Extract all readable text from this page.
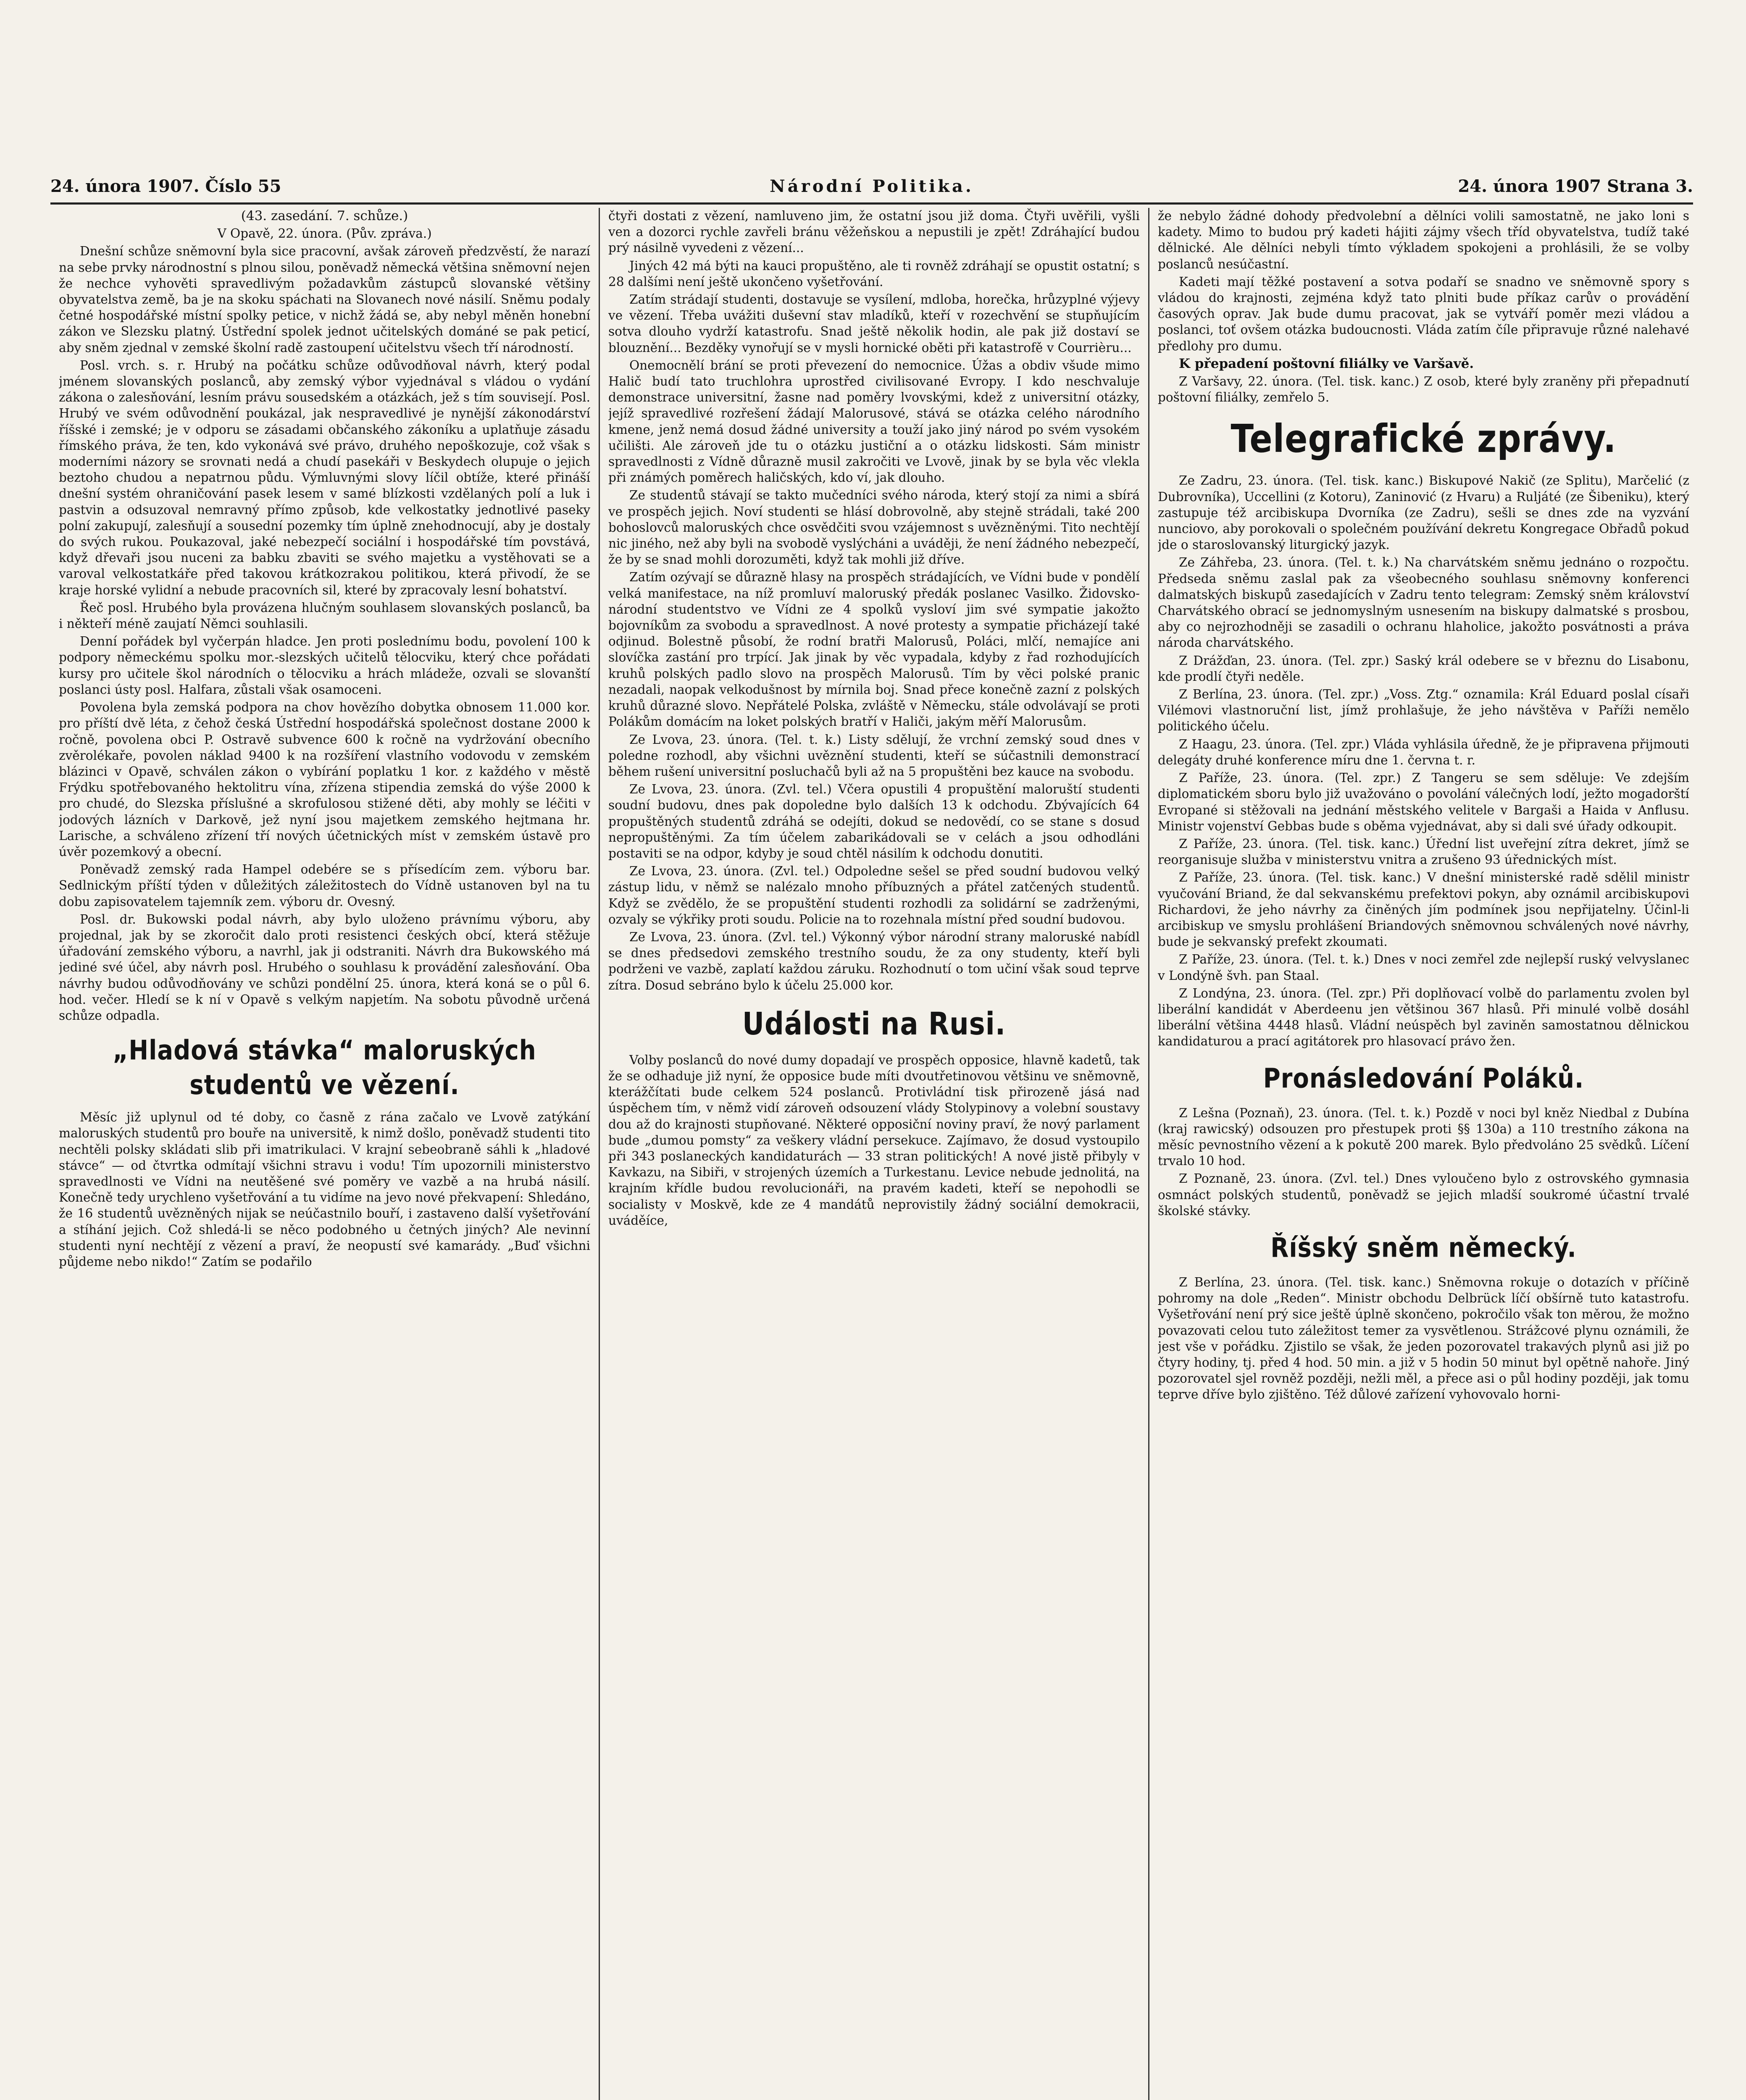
24. února 1907. Číslo 55	Národní Politika.	24. února 1907 Strana 3.

(43. zasedání. 7. schůze.)

V Opavě, 22. února. (Pův. zpráva.)

Dnešní schůze sněmovní byla sice pracovní, avšak zároveň předzvěstí, že narazí na sebe prvky národnostní s plnou silou, poněvadž německá většina sněmovní nejen že nechce vyhověti spravedlivým požadavkům zástupců slovanské většiny obyvatelstva země, ba je na skoku spáchati na Slovanech nové násilí. Sněmu podaly četné hospodářské místní spolky petice, v nichž žádá se, aby nebyl měněn honební zákon ve Slezsku platný. Ústřední spolek jednot učitelských dománé se pak peticí, aby sněm zjednal v zemské školní radě zastoupení učitelstvu všech tří národností.

Posl. vrch. s. r. Hrubý na počátku schůze odůvodňoval návrh, který podal jménem slovanských poslanců, aby zemský výbor vyjednával s vládou o vydání zákona o zalesňování, lesním právu sousedském a otázkách, jež s tím souvisejí. Posl. Hrubý ve svém odůvodnění poukázal, jak nespravedlivé je nynější zákonodárství říšské i zemské; je v odporu se zásadami občanského zákoníku a uplatňuje zásadu římského práva, že ten, kdo vykonává své právo, druhého nepoškozuje, což však s moderními názory se srovnati nedá a chudí pasekáři v Beskydech olupuje o jejich beztoho chudou a nepatrnou půdu. Výmluvnými slovy líčil obtíže, které přináší dnešní systém ohraničování pasek lesem v samé blízkosti vzdělaných polí a luk i pastvin a odsuzoval nemravný přímo způsob, kde velkostatky jednotlivé paseky polní zakupují, zalesňují a sousední pozemky tím úplně znehodnocují, aby je dostaly do svých rukou. Poukazoval, jaké nebezpečí sociální i hospodářské tím povstává, když dřevaři jsou nuceni za babku zbaviti se svého majetku a vystěhovati se a varoval velkostatkáře před takovou krátkozrakou politikou, která přivodí, že se kraje horské vylidní a nebude pracovních sil, které by zpracovaly lesní bohatství.

Řeč posl. Hrubého byla provázena hlučným souhlasem slovanských poslanců, ba i někteří méně zaujatí Němci souhlasili.

Denní pořádek byl vyčerpán hladce. Jen proti poslednímu bodu, povolení 100 k podpory německému spolku mor.-slezských učitelů tělocviku, který chce pořádati kursy pro učitele škol národních o tělocviku a hrách mládeže, ozvali se slovanští poslanci ústy posl. Halfara, zůstali však osamoceni.

Povolena byla zemská podpora na chov hovězího dobytka obnosem 11.000 kor. pro příští dvě léta, z čehož česká Ústřední hospodářská společnost dostane 2000 k ročně, povolena obci P. Ostravě subvence 600 k ročně na vydržování obecního zvěrolékaře, povolen náklad 9400 k na rozšíření vlastního vodovodu v zemském blázinci v Opavě, schválen zákon o vybírání poplatku 1 kor. z každého v městě Frýdku spotřebovaného hektolitru vína, zřízena stipendia zemská do výše 2000 k pro chudé, do Slezska příslušné a skrofulosou stižené děti, aby mohly se léčiti v jodových lázních v Darkově, jež nyní jsou majetkem zemského hejtmana hr. Larische, a schváleno zřízení tří nových účetnických míst v zemském ústavě pro úvěr pozemkový a obecní.

Poněvadž zemský rada Hampel odebére se s přísedícím zem. výboru bar. Sedlnickým příští týden v důležitých záležitostech do Vídně ustanoven byl na tu dobu zapisovatelem tajemník zem. výboru dr. Ovesný.

Posl. dr. Bukowski podal návrh, aby bylo uloženo právnímu výboru, aby projednal, jak by se zkoročit dalo proti resistenci českých obcí, která stěžuje úřadování zemského výboru, a navrhl, jak ji odstraniti. Návrh dra Bukowského má jediné své účel, aby návrh posl. Hrubého o souhlasu k provádění zalesňování. Oba návrhy budou odůvodňovány ve schůzi pondělní 25. února, která koná se o půl 6. hod. večer. Hledí se k ní v Opavě s velkým napjetím. Na sobotu původně určená schůze odpadla.

„Hladová stávka“ maloruských studentů ve vězení.

Měsíc již uplynul od té doby, co časně z rána začalo ve Lvově zatýkání maloruských studentů pro bouře na universitě, k nimž došlo, poněvadž studenti tito nechtěli polsky skládati slib při imatrikulaci. V krajní sebeobraně sáhli k „hladové stávce“ — od čtvrtka odmítají všichni stravu i vodu! Tím upozornili ministerstvo spravedlnosti ve Vídni na neutěšené své poměry ve vazbě a na hrubá násilí. Konečně tedy urychleno vyšetřování a tu vidíme na jevo nové překvapení: Shledáno, že 16 studentů uvězněných nijak se neúčastnilo bouří, i zastaveno další vyšetřování a stíhání jejich. Což shledá-li se něco podobného u četných jiných? Ale nevinní studenti nyní nechtějí z vězení a praví, že neopustí své kamarády. „Buď všichni půjdeme nebo nikdo!“ Zatím se podařilo

čtyři dostati z vězení, namluveno jim, že ostatní jsou již doma. Čtyři uvěřili, vyšli ven a dozorci rychle zavřeli bránu věžeňskou a nepustili je zpět! Zdráhající budou prý násilně vyvedeni z vězení...

Jiných 42 má býti na kauci propuštěno, ale ti rovněž zdráhají se opustit ostatní; s 28 dalšími není ještě ukončeno vyšetřování.

Zatím strádají studenti, dostavuje se vysílení, mdloba, horečka, hrůzyplné výjevy ve vězení. Třeba uvážiti duševní stav mladíků, kteří v rozechvění se stupňujícím sotva dlouho vydrží katastrofu. Snad ještě několik hodin, ale pak již dostaví se blouznění... Bezděky vynořují se v mysli hornické oběti při katastrofě v Courrièru...

Onemocnělí brání se proti převezení do nemocnice. Úžas a obdiv všude mimo Halič budí tato truchlohra uprostřed civilisované Evropy. I kdo neschvaluje demonstrace universitní, žasne nad poměry lvovskými, kdež z universitní otázky, jejíž spravedlivé rozřešení žádají Malorusové, stává se otázka celého národního kmene, jenž nemá dosud žádné university a touží jako jiný národ po svém vysokém učilišti. Ale zároveň jde tu o otázku justiční a o otázku lidskosti. Sám ministr spravedlnosti z Vídně důrazně musil zakročiti ve Lvově, jinak by se byla věc vlekla při známých poměrech haličských, kdo ví, jak dlouho.

Ze studentů stávají se takto mučedníci svého národa, který stojí za nimi a sbírá ve prospěch jejich. Noví studenti se hlásí dobrovolně, aby stejně strádali, také 200 bohoslovců maloruských chce osvědčiti svou vzájemnost s uvězněnými. Tito nechtějí nic jiného, než aby byli na svobodě vyslýcháni a uváději, že není žádného nebezpečí, že by se snad mohli dorozuměti, když tak mohli již dříve.

Zatím ozývají se důrazně hlasy na prospěch strádajících, ve Vídni bude v pondělí velká manifestace, na níž promluví maloruský předák poslanec Vasilko. Židovsko-národní studentstvo ve Vídni ze 4 spolků vysloví jim své sympatie jakožto bojovníkům za svobodu a spravedlnost. A nové protesty a sympatie přicházejí také odjinud. Bolestně působí, že rodní bratři Malorusů, Poláci, mlčí, nemajíce ani slovíčka zastání pro trpící. Jak jinak by věc vypadala, kdyby z řad rozhodujících kruhů polských padlo slovo na prospěch Malorusů. Tím by věci polské pranic nezadali, naopak velkodušnost by mírnila boj. Snad přece konečně zazní z polských kruhů důrazné slovo. Nepřátelé Polska, zvláště v Německu, stále odvolávají se proti Polákům domácím na loket polských bratří v Haliči, jakým měří Malorusům.

Ze Lvova, 23. února. (Tel. t. k.) Listy sdělují, že vrchní zemský soud dnes v poledne rozhodl, aby všichni uvěznění studenti, kteří se súčastnili demonstrací během rušení universitní posluchačů byli až na 5 propuštěni bez kauce na svobodu.

Ze Lvova, 23. února. (Zvl. tel.) Včera opustili 4 propuštění maloruští studenti soudní budovu, dnes pak dopoledne bylo dalších 13 k odchodu. Zbývajících 64 propuštěných studentů zdráhá se odejíti, dokud se nedovědí, co se stane s dosud nepropuštěnými. Za tím účelem zabarikádovali se v celách a jsou odhodláni postaviti se na odpor, kdyby je soud chtěl násilím k odchodu donutiti.

Ze Lvova, 23. února. (Zvl. tel.) Odpoledne sešel se před soudní budovou velký zástup lidu, v němž se nalézalo mnoho příbuzných a přátel zatčených studentů. Když se zvědělo, že se propuštění studenti rozhodli za solidární se zadrženými, ozvaly se výkřiky proti soudu. Policie na to rozehnala místní před soudní budovou.

Ze Lvova, 23. února. (Zvl. tel.) Výkonný výbor národní strany maloruské nabídl se dnes předsedovi zemského trestního soudu, že za ony studenty, kteří byli podrženi ve vazbě, zaplatí každou záruku. Rozhodnutí o tom učiní však soud teprve zítra. Dosud sebráno bylo k účelu 25.000 kor.

Události na Rusi.

Volby poslanců do nové dumy dopadají ve prospěch opposice, hlavně kadetů, tak že se odhaduje již nyní, že opposice bude míti dvoutřetinovou většinu ve sněmovně, kterážčítati bude celkem 524 poslanců. Protivládní tisk přirozeně jásá nad úspěchem tím, v němž vidí zároveň odsouzení vlády Stolypinovy a volební soustavy dou až do krajnosti stupňované. Některé opposiční noviny praví, že nový parlament bude „dumou pomsty“ za veškery vládní persekuce. Zajímavo, že dosud vystoupilo při 343 poslaneckých kandidaturách — 33 stran politických! A nové jistě přibyly v Kavkazu, na Sibiři, v strojených územích a Turkestanu. Levice nebude jednolitá, na krajním křídle budou revolucionáři, na pravém kadeti, kteří se nepohodli se socialisty v Moskvě, kde ze 4 mandátů neprovistily žádný sociální demokracii, uváděíce,

že nebylo žádné dohody předvolební a dělníci volili samostatně, ne jako loni s kadety. Mimo to budou prý kadeti hájiti zájmy všech tříd obyvatelstva, tudíž také dělnické. Ale dělníci nebyli tímto výkladem spokojeni a prohlásili, že se volby poslanců nesúčastní.

Kadeti mají těžké postavení a sotva podaří se snadno ve sněmovně spory s vládou do krajnosti, zejména když tato plniti bude příkaz carův o provádění časových oprav. Jak bude dumu pracovat, jak se vytváří poměr mezi vládou a poslanci, toť ovšem otázka budoucnosti. Vláda zatím číle připravuje různé nalehavé předlohy pro dumu.

K přepadení poštovní filiálky ve Varšavě.

Z Varšavy, 22. února. (Tel. tisk. kanc.) Z osob, které byly zraněny při přepadnutí poštovní filiálky, zemřelo 5.

Telegrafické zprávy.

Ze Zadru, 23. února. (Tel. tisk. kanc.) Biskupové Nakič (ze Splitu), Marčelić (z Dubrovníka), Uccellini (z Kotoru), Zaninović (z Hvaru) a Ruljáté (ze Šibeniku), který zastupuje též arcibiskupa Dvorníka (ze Zadru), sešli se dnes zde na vyzvání nunciovo, aby porokovali o společném používání dekretu Kongregace Obřadů pokud jde o staroslovanský liturgický jazyk.

Ze Záhřeba, 23. února. (Tel. t. k.) Na charvátském sněmu jednáno o rozpočtu. Předseda sněmu zaslal pak za všeobecného souhlasu sněmovny konferenci dalmatských biskupů zasedajících v Zadru tento telegram: Zemský sněm království Charvátského obrací se jednomyslným usnesením na biskupy dalmatské s prosbou, aby co nejrozhodněji se zasadili o ochranu hlaholice, jakožto posvátnosti a práva národa charvátského.

Z Drážďan, 23. února. (Tel. zpr.) Saský král odebere se v březnu do Lisabonu, kde prodlí čtyři neděle.

Z Berlína, 23. února. (Tel. zpr.) „Voss. Ztg.“ oznamila: Král Eduard poslal císaři Vilémovi vlastnoruční list, jímž prohlašuje, že jeho návštěva v Paříži nemělo politického účelu.

Z Haagu, 23. února. (Tel. zpr.) Vláda vyhlásila úředně, že je připravena přijmouti delegáty druhé konference míru dne 1. června t. r.

Z Paříže, 23. února. (Tel. zpr.) Z Tangeru se sem sděluje: Ve zdejším diplomatickém sboru bylo již uvažováno o povolání válečných lodí, ježto mogadorští Evropané si stěžovali na jednání městského velitele v Bargaši a Haida v Anflusu. Ministr vojenství Gebbas bude s oběma vyjednávat, aby si dali své úřady odkoupit.

Z Paříže, 23. února. (Tel. tisk. kanc.) Úřední list uveřejní zítra dekret, jímž se reorganisuje služba v ministerstvu vnitra a zrušeno 93 úřednických míst.

Z Paříže, 23. února. (Tel. tisk. kanc.) V dnešní ministerské radě sdělil ministr vyučování Briand, že dal sekvanskému prefektovi pokyn, aby oznámil arcibiskupovi Richardovi, že jeho návrhy za činěných jím podmínek jsou nepřijatelny. Účinl-li arcibiskup ve smyslu prohlášení Briandových sněmovnou schválených nové návrhy, bude je sekvanský prefekt zkoumati.

Z Paříže, 23. února. (Tel. t. k.) Dnes v noci zemřel zde nejlepší ruský velvyslanec v Londýně švh. pan Staal.

Z Londýna, 23. února. (Tel. zpr.) Při doplňovací volbě do parlamentu zvolen byl liberální kandidát v Aberdeenu jen většinou 367 hlasů. Při minulé volbě dosáhl liberální většina 4448 hlasů. Vládní neúspěch byl zaviněn samostatnou dělnickou kandidaturou a prací agitátorek pro hlasovací právo žen.

Pronásledování Poláků.

Z Lešna (Poznaň), 23. února. (Tel. t. k.) Pozdě v noci byl kněz Niedbal z Dubína (kraj rawicský) odsouzen pro přestupek proti §§ 130a) a 110 trestního zákona na měsíc pevnostního vězení a k pokutě 200 marek. Bylo předvoláno 25 svědků. Líčení trvalo 10 hod.

Z Poznaně, 23. února. (Zvl. tel.) Dnes vyloučeno bylo z ostrovského gymnasia osmnáct polských studentů, poněvadž se jejich mladší soukromé účastní trvalé školské stávky.

Říšský sněm německý.

Z Berlína, 23. února. (Tel. tisk. kanc.) Sněmovna rokuje o dotazích v příčině pohromy na dole „Reden“. Ministr obchodu Delbrück líčí obšírně tuto katastrofu. Vyšetřování není prý sice ještě úplně skončeno, pokročilo však ton měrou, že možno povazovati celou tuto záležitost temer za vysvětlenou. Strážcové plynu oznámili, že jest vše v pořádku. Zjistilo se však, že jeden pozorovatel trakavých plynů asi již po čtyry hodiny, tj. před 4 hod. 50 min. a již v 5 hodin 50 minut byl opětně nahoře. Jiný pozorovatel sjel rovněž později, nežli měl, a přece asi o půl hodiny později, jak tomu teprve dříve bylo zjištěno. Též důlové zařízení vyhovovalo horni-
